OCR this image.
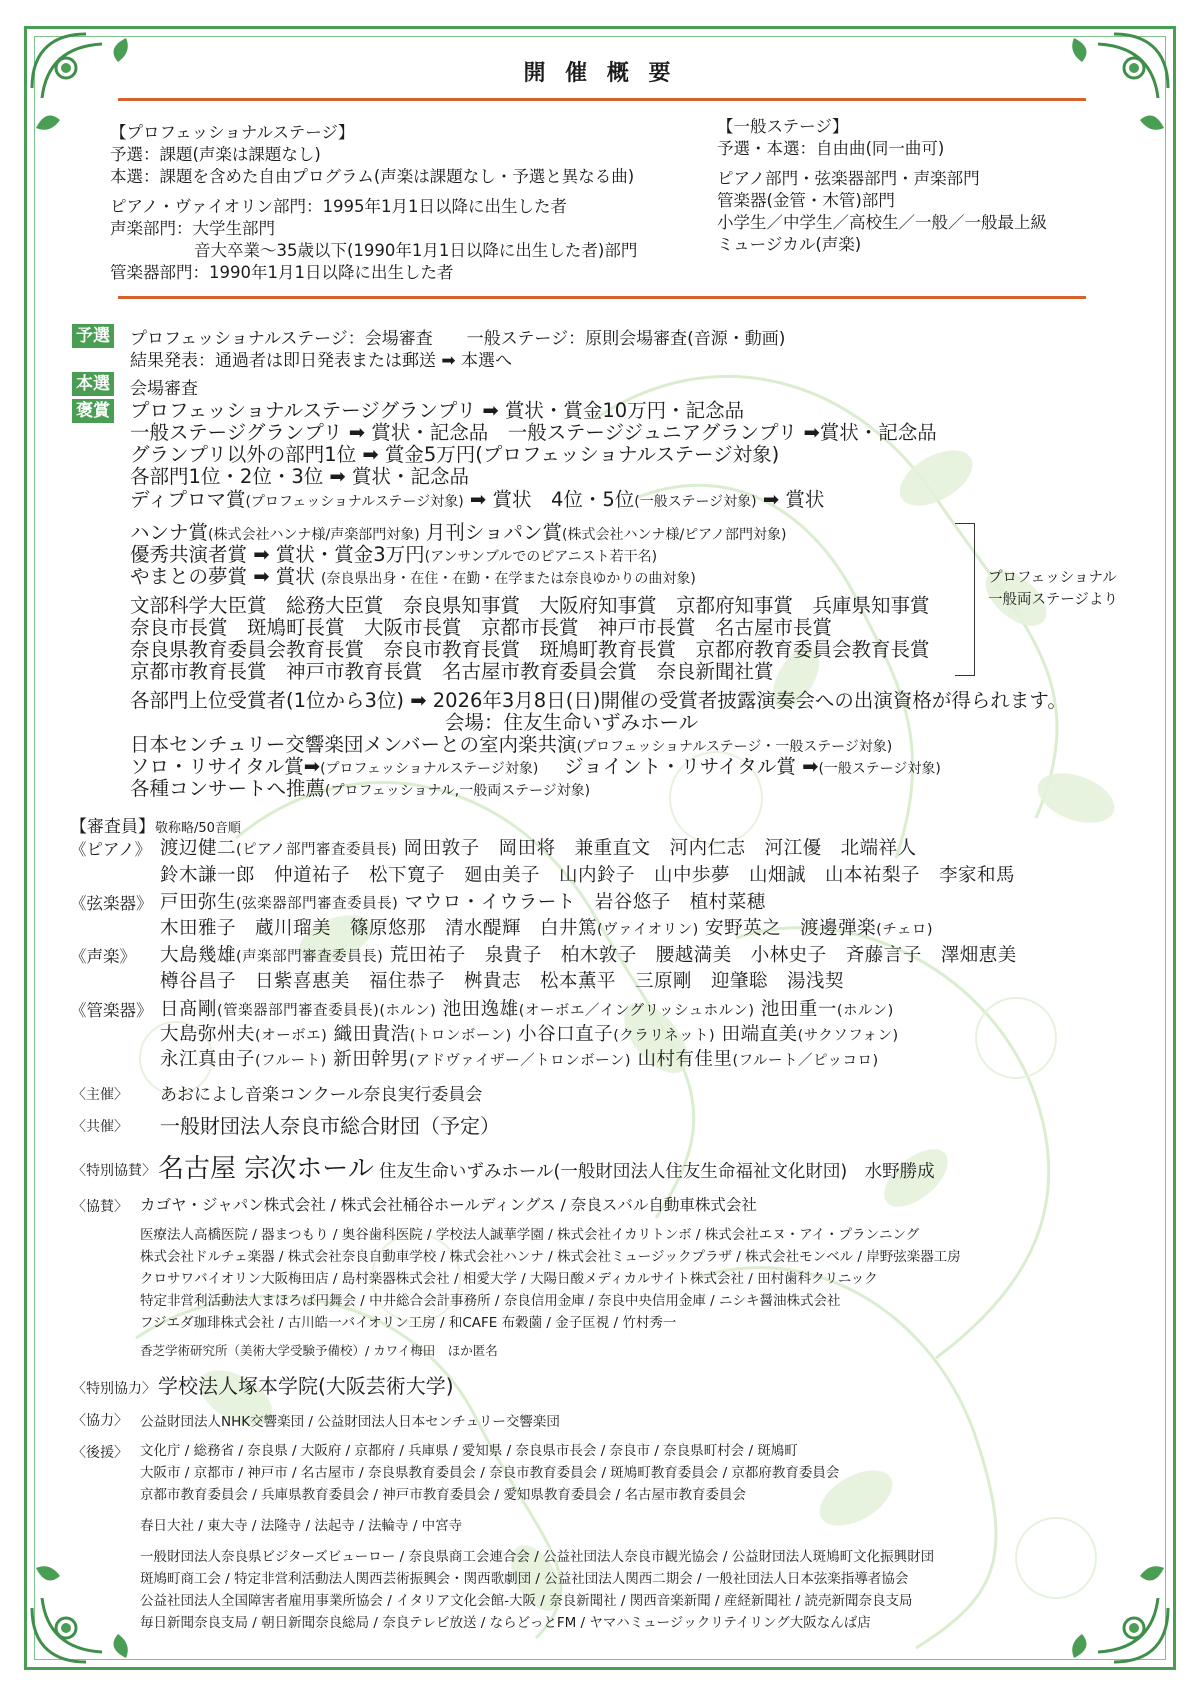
開 催 概 要
【プロフェッショナルステージ】
予選：課題(声楽は課題なし)
本選：課題を含めた自由プログラム(声楽は課題なし・予選と異なる曲)
ピアノ・ヴァイオリン部門：1995年1月1日以降に出生した者
声楽部門：大学生部門
音大卒業～35歳以下(1990年1月1日以降に出生した者)部門
管楽器部門：1990年1月1日以降に出生した者
【一般ステージ】
予選・本選：自由曲(同一曲可)
ピアノ部門・弦楽器部門・声楽部門
管楽器(金管・木管)部門
小学生／中学生／高校生／一般／一般最上級
ミュージカル(声楽)
予選 プロフェッショナルステージ：会場審査　　一般ステージ：原則会場審査(音源・動画)
結果発表：通過者は即日発表または郵送 ➡ 本選へ
本選 会場審査
褒賞 プロフェッショナルステージグランプリ ➡ 賞状・賞金10万円・記念品
一般ステージグランプリ ➡ 賞状・記念品　一般ステージジュニアグランプリ ➡賞状・記念品
グランプリ以外の部門1位 ➡ 賞金5万円(プロフェッショナルステージ対象)
各部門1位・2位・3位 ➡ 賞状・記念品
ディプロマ賞(プロフェッショナルステージ対象) ➡ 賞状　4位・5位(一般ステージ対象) ➡ 賞状
ハンナ賞(株式会社ハンナ様/声楽部門対象) 月刊ショパン賞(株式会社ハンナ様/ピアノ部門対象)
優秀共演者賞 ➡ 賞状・賞金3万円(アンサンブルでのピアニスト若干名)
やまとの夢賞 ➡ 賞状 (奈良県出身・在住・在勤・在学または奈良ゆかりの曲対象)
文部科学大臣賞　総務大臣賞　奈良県知事賞　大阪府知事賞　京都府知事賞　兵庫県知事賞
奈良市長賞　斑鳩町長賞　大阪市長賞　京都市長賞　神戸市長賞　名古屋市長賞
奈良県教育委員会教育長賞　奈良市教育長賞　斑鳩町教育長賞　京都府教育委員会教育長賞
京都市教育長賞　神戸市教育長賞　名古屋市教育委員会賞　奈良新聞社賞
プロフェッショナル
一般両ステージより
各部門上位受賞者(1位から3位) ➡ 2026年3月8日(日)開催の受賞者披露演奏会への出演資格が得られます。
会場：住友生命いずみホール
日本センチュリー交響楽団メンバーとの室内楽共演(プロフェッショナルステージ・一般ステージ対象)
ソロ・リサイタル賞➡(プロフェッショナルステージ対象)　 ジョイント・リサイタル賞 ➡(一般ステージ対象)
各種コンサートへ推薦(プロフェッショナル,一般両ステージ対象)
【審査員】敬称略/50音順
《ピアノ》 渡辺健二(ピアノ部門審査委員長) 岡田敦子　岡田将　兼重直文　河内仁志　河江優　北端祥人
鈴木謙一郎　仲道祐子　松下寛子　廻由美子　山内鈴子　山中歩夢　山畑誠　山本祐梨子　李家和馬
《弦楽器》 戸田弥生(弦楽器部門審査委員長) マウロ・イウラート　岩谷悠子　植村菜穂
木田雅子　蔵川瑠美　篠原悠那　清水醍輝　白井篤(ヴァイオリン) 安野英之　渡邊弾楽(チェロ)
《声楽》 大島幾雄(声楽部門審査委員長) 荒田祐子　泉貴子　柏木敦子　腰越満美　小林史子　斉藤言子　澤畑恵美
樽谷昌子　日紫喜惠美　福住恭子　桝貴志　松本薫平　三原剛　迎肇聡　湯浅契
《管楽器》 日髙剛(管楽器部門審査委員長)(ホルン) 池田逸雄(オーボエ／イングリッシュホルン) 池田重一(ホルン)
大島弥州夫(オーボエ) 織田貴浩(トロンボーン) 小谷口直子(クラリネット) 田端直美(サクソフォン)
永江真由子(フルート) 新田幹男(アドヴァイザー／トロンボーン) 山村有佳里(フルート／ピッコロ)
〈主催〉 あおによし音楽コンクール奈良実行委員会
〈共催〉 一般財団法人奈良市総合財団（予定）
〈特別協賛〉 名古屋 宗次ホール 住友生命いずみホール(一般財団法人住友生命福祉文化財団)　水野勝成
〈協賛〉 カゴヤ・ジャパン株式会社 / 株式会社桶谷ホールディングス / 奈良スバル自動車株式会社
医療法人高橋医院 / 器まつもり / 奥谷歯科医院 / 学校法人誠華学園 / 株式会社イカリトンボ / 株式会社エヌ・アイ・プランニング
株式会社ドルチェ楽器 / 株式会社奈良自動車学校 / 株式会社ハンナ / 株式会社ミュージックプラザ / 株式会社モンベル / 岸野弦楽器工房
クロサワバイオリン大阪梅田店 / 島村楽器株式会社 / 相愛大学 / 大陽日酸メディカルサイト株式会社 / 田村歯科クリニック
特定非営利活動法人まほろば円舞会 / 中井総合会計事務所 / 奈良信用金庫 / 奈良中央信用金庫 / ニシキ醤油株式会社
フジエダ珈琲株式会社 / 古川皓一バイオリン工房 / 和CAFE 布穀薗 / 金子匡視 / 竹村秀一
香芝学術研究所（美術大学受験予備校）/ カワイ梅田　ほか匿名
〈特別協力〉 学校法人塚本学院(大阪芸術大学)
〈協力〉 公益財団法人NHK交響楽団 / 公益財団法人日本センチュリー交響楽団
〈後援〉 文化庁 / 総務省 / 奈良県 / 大阪府 / 京都府 / 兵庫県 / 愛知県 / 奈良県市長会 / 奈良市 / 奈良県町村会 / 斑鳩町
大阪市 / 京都市 / 神戸市 / 名古屋市 / 奈良県教育委員会 / 奈良市教育委員会 / 斑鳩町教育委員会 / 京都府教育委員会
京都市教育委員会 / 兵庫県教育委員会 / 神戸市教育委員会 / 愛知県教育委員会 / 名古屋市教育委員会
春日大社 / 東大寺 / 法隆寺 / 法起寺 / 法輪寺 / 中宮寺
一般財団法人奈良県ビジターズビューロー / 奈良県商工会連合会 / 公益社団法人奈良市観光協会 / 公益財団法人斑鳩町文化振興財団
斑鳩町商工会 / 特定非営利活動法人関西芸術振興会・関西歌劇団 / 公益社団法人関西二期会 / 一般社団法人日本弦楽指導者協会
公益社団法人全国障害者雇用事業所協会 / イタリア文化会館-大阪 / 奈良新聞社 / 関西音楽新聞 / 産経新聞社 / 読売新聞奈良支局
毎日新聞奈良支局 / 朝日新聞奈良総局 / 奈良テレビ放送 / ならどっとFM / ヤマハミュージックリテイリング大阪なんば店
